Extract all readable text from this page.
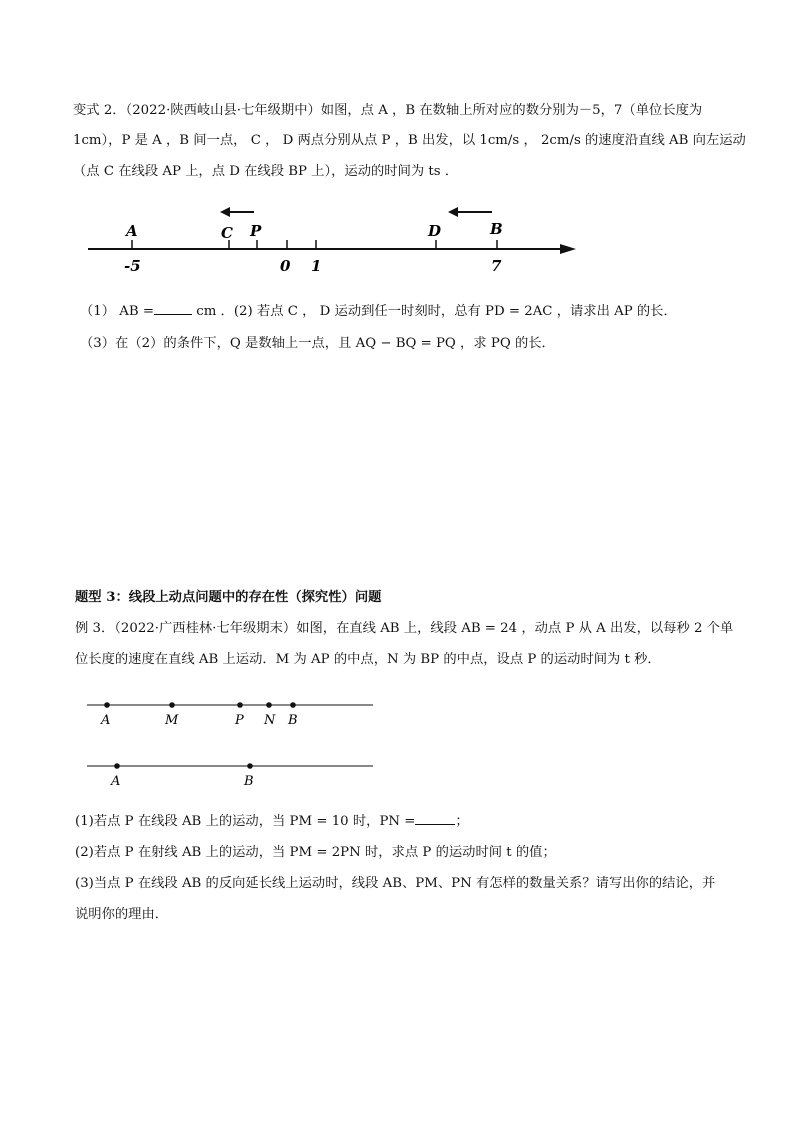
变式 2．（2022·陕西岐山县·七年级期中）如图，点 A ，B 在数轴上所对应的数分别为－5，7（单位长度为
1cm），P 是 A ，B 间一点， C ， D 两点分别从点 P ，B 出发，以 1cm/s ， 2cm/s 的速度沿直线 AB 向左运动
（点 C 在线段 AP 上，点 D 在线段 BP 上），运动的时间为 ts ．
A	C P	D	B
-5	0 1	7
（1） AB =	cm ．(2) 若点 C ， D 运动到任一时刻时，总有 PD = 2AC ，请求出 AP 的长．
（3）在（2）的条件下，Q 是数轴上一点，且 AQ − BQ = PQ ，求 PQ 的长．
题型 3：线段上动点问题中的存在性（探究性）问题
例 3．（2022·广西桂林·七年级期末）如图，在直线 AB 上，线段 AB = 24 ，动点 P 从 A 出发，以每秒 2 个单
位长度的速度在直线 AB 上运动．M 为 AP 的中点，N 为 BP 的中点，设点 P 的运动时间为 t 秒．
A	M	P N B
A	B
(1)若点 P 在线段 AB 上的运动，当 PM = 10 时，PN =	；
(2)若点 P 在射线 AB 上的运动，当 PM = 2PN 时，求点 P 的运动时间 t 的值；
(3)当点 P 在线段 AB 的反向延长线上运动时，线段 AB、PM、PN 有怎样的数量关系？请写出你的结论，并
说明你的理由．
